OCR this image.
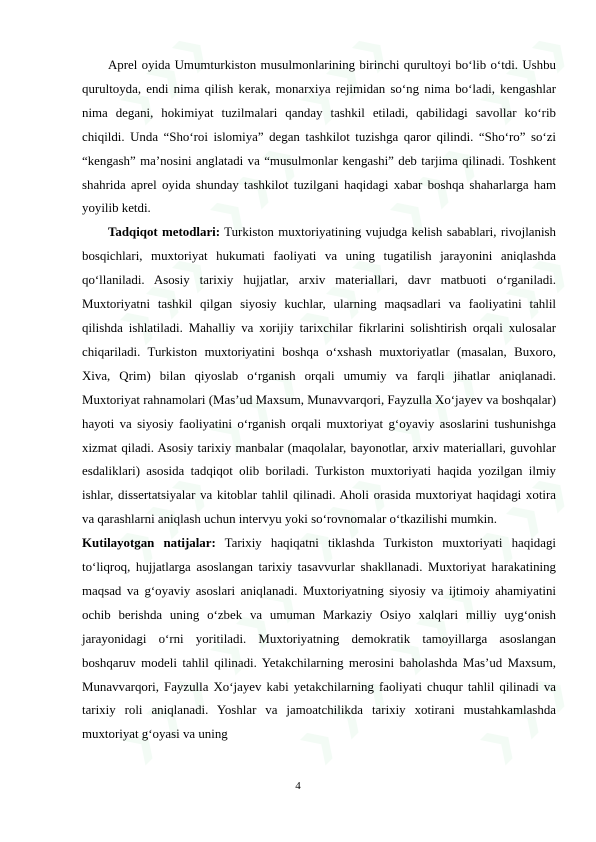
Aprel oyida Umumturkiston musulmonlarining birinchi qurultoyi bo‘lib o‘tdi. Ushbu qurultoyda, endi nima qilish kerak, monarxiya rejimidan so‘ng nima bo‘ladi, kengashlar nima degani, hokimiyat tuzilmalari qanday tashkil etiladi, qabilidagi savollar ko‘rib chiqildi. Unda “Sho‘roi islomiya” degan tashkilot tuzishga qaror qilindi. “Sho‘ro” so‘zi “kengash” ma’nosini anglatadi va “musulmonlar kengashi” deb tarjima qilinadi. Toshkent shahrida aprel oyida shunday tashkilot tuzilgani haqidagi xabar boshqa shaharlarga ham yoyilib ketdi.

Tadqiqot metodlari: Turkiston muxtoriyatining vujudga kelish sabablari, rivojlanish bosqichlari, muxtoriyat hukumati faoliyati va uning tugatilish jarayonini aniqlashda qo‘llaniladi. Asosiy tarixiy hujjatlar, arxiv materiallari, davr matbuoti o‘rganiladi. Muxtoriyatni tashkil qilgan siyosiy kuchlar, ularning maqsadlari va faoliyatini tahlil qilishda ishlatiladi. Mahalliy va xorijiy tarixchilar fikrlarini solishtirish orqali xulosalar chiqariladi. Turkiston muxtoriyatini boshqa o‘xshash muxtoriyatlar (masalan, Buxoro, Xiva, Qrim) bilan qiyoslab o‘rganish orqali umumiy va farqli jihatlar aniqlanadi. Muxtoriyat rahnamolari (Mas’ud Maxsum, Munavvarqori, Fayzulla Xo‘jayev va boshqalar) hayoti va siyosiy faoliyatini o‘rganish orqali muxtoriyat g‘oyaviy asoslarini tushunishga xizmat qiladi. Asosiy tarixiy manbalar (maqolalar, bayonotlar, arxiv materiallari, guvohlar esdaliklari) asosida tadqiqot olib boriladi. Turkiston muxtoriyati haqida yozilgan ilmiy ishlar, dissertatsiyalar va kitoblar tahlil qilinadi. Aholi orasida muxtoriyat haqidagi xotira va qarashlarni aniqlash uchun intervyu yoki so‘rovnomalar o‘tkazilishi mumkin.

Kutilayotgan natijalar: Tarixiy haqiqatni tiklashda Turkiston muxtoriyati haqidagi to‘liqroq, hujjatlarga asoslangan tarixiy tasavvurlar shakllanadi. Muxtoriyat harakatining maqsad va g‘oyaviy asoslari aniqlanadi. Muxtoriyatning siyosiy va ijtimoiy ahamiyatini ochib berishda uning o‘zbek va umuman Markaziy Osiyo xalqlari milliy uyg‘onish jarayonidagi o‘rni yoritiladi. Muxtoriyatning demokratik tamoyillarga asoslangan boshqaruv modeli tahlil qilinadi. Yetakchilarning merosini baholashda Mas’ud Maxsum, Munavvarqori, Fayzulla Xo‘jayev kabi yetakchilarning faoliyati chuqur tahlil qilinadi va tarixiy roli aniqlanadi. Yoshlar va jamoatchilikda tarixiy xotirani mustahkamlashda muxtoriyat g‘oyasi va uning

4
